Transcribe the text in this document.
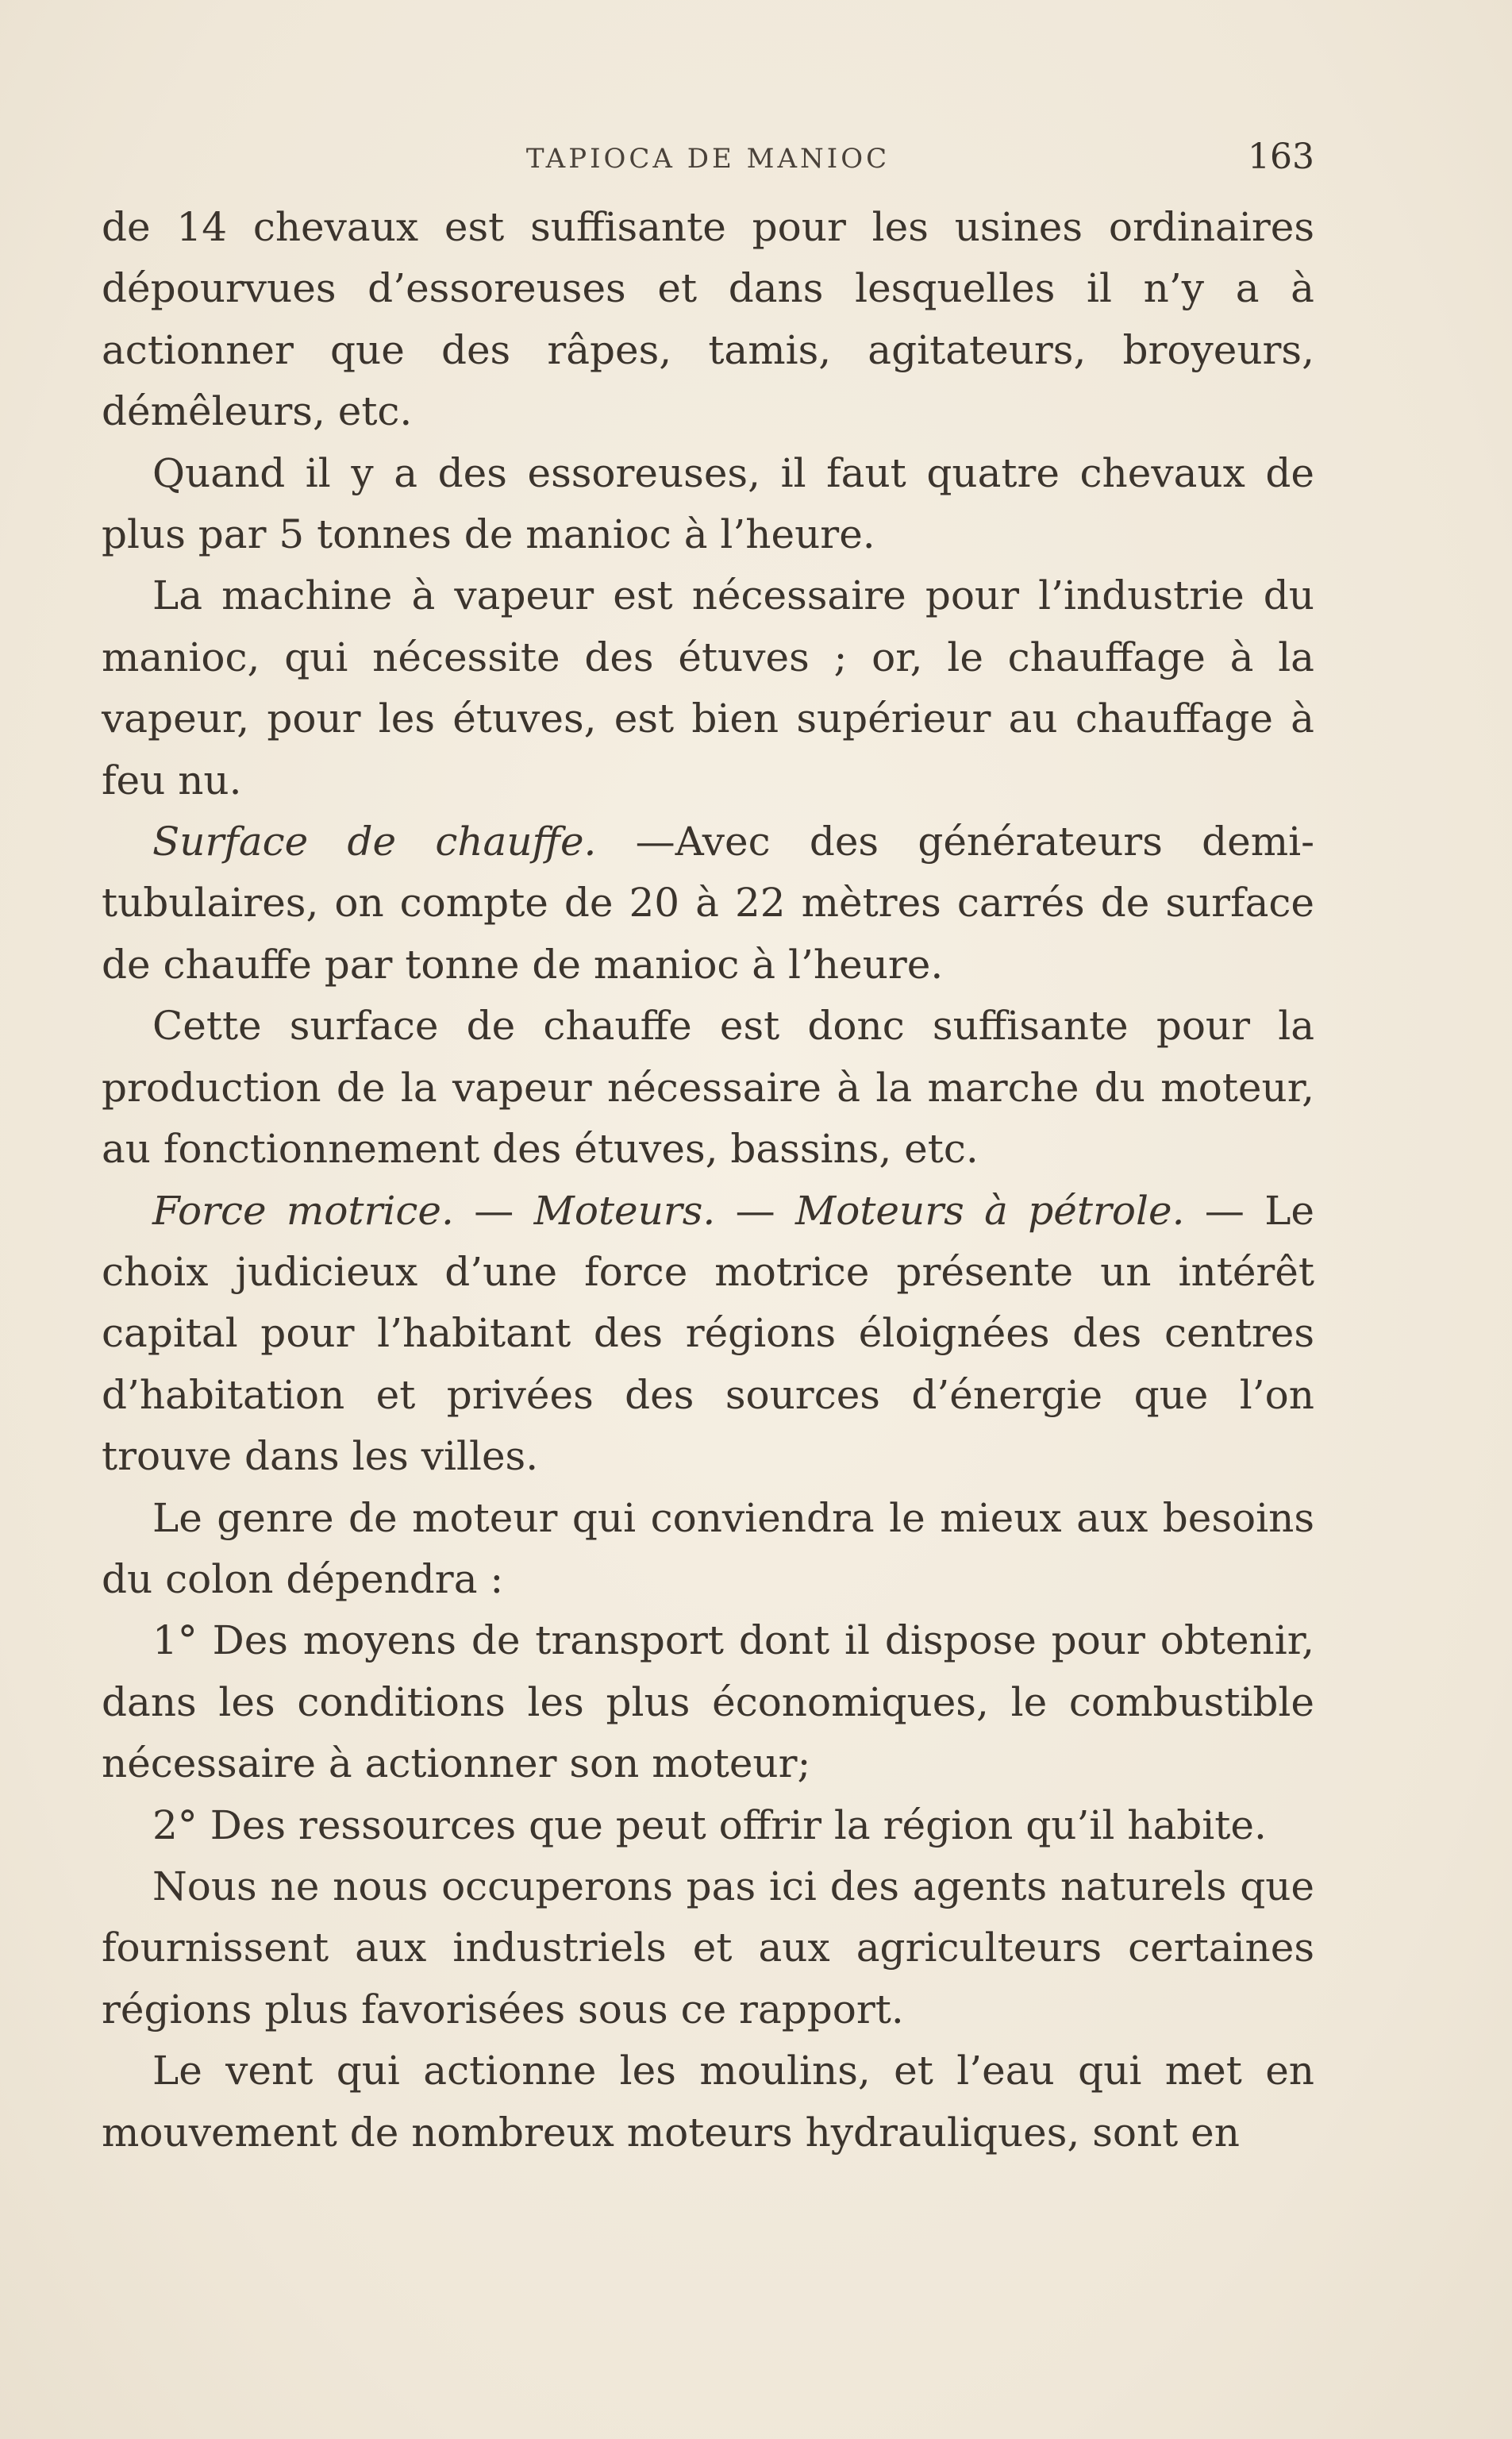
TAPIOCA DE MANIOC	163

de 14 chevaux est suffisante pour les usines ordinaires dépourvues d’essoreuses et dans lesquelles il n’y a à actionner que des râpes, tamis, agitateurs, broyeurs, démêleurs, etc.

Quand il y a des essoreuses, il faut quatre chevaux de plus par 5 tonnes de manioc à l’heure.

La machine à vapeur est nécessaire pour l’industrie du manioc, qui nécessite des étuves ; or, le chauffage à la vapeur, pour les étuves, est bien supérieur au chauffage à feu nu.

Surface de chauffe. —Avec des générateurs demi-tubulaires, on compte de 20 à 22 mètres carrés de surface de chauffe par tonne de manioc à l’heure.

Cette surface de chauffe est donc suffisante pour la production de la vapeur nécessaire à la marche du moteur, au fonctionnement des étuves, bassins, etc.

Force motrice. — Moteurs. — Moteurs à pétrole. — Le choix judicieux d’une force motrice présente un intérêt capital pour l’habitant des régions éloignées des centres d’habitation et privées des sources d’énergie que l’on trouve dans les villes.

Le genre de moteur qui conviendra le mieux aux besoins du colon dépendra :

1° Des moyens de transport dont il dispose pour obtenir, dans les conditions les plus économiques, le combustible nécessaire à actionner son moteur;

2° Des ressources que peut offrir la région qu’il habite.

Nous ne nous occuperons pas ici des agents naturels que fournissent aux industriels et aux agriculteurs certaines régions plus favorisées sous ce rapport.

Le vent qui actionne les moulins, et l’eau qui met en mouvement de nombreux moteurs hydrauliques, sont en
